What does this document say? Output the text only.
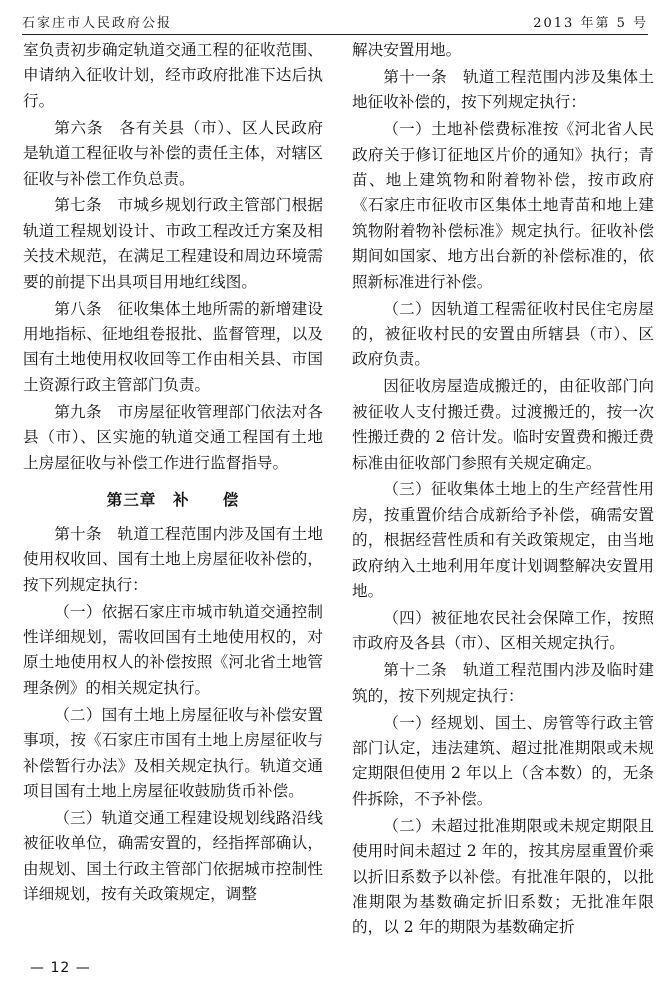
石家庄市人民政府公报	2013 年第 5 号

室负责初步确定轨道交通工程的征收范围、申请纳入征收计划，经市政府批准下达后执行。

第六条　各有关县（市）、区人民政府是轨道工程征收与补偿的责任主体，对辖区征收与补偿工作负总责。

第七条　市城乡规划行政主管部门根据轨道工程规划设计、市政工程改迁方案及相关技术规范，在满足工程建设和周边环境需要的前提下出具项目用地红线图。

第八条　征收集体土地所需的新增建设用地指标、征地组卷报批、监督管理，以及国有土地使用权收回等工作由相关县、市国土资源行政主管部门负责。

第九条　市房屋征收管理部门依法对各县（市）、区实施的轨道交通工程国有土地上房屋征收与补偿工作进行监督指导。

第三章　补　　偿

第十条　轨道工程范围内涉及国有土地使用权收回、国有土地上房屋征收补偿的，按下列规定执行：

（一）依据石家庄市城市轨道交通控制性详细规划，需收回国有土地使用权的，对原土地使用权人的补偿按照《河北省土地管理条例》的相关规定执行。

（二）国有土地上房屋征收与补偿安置事项，按《石家庄市国有土地上房屋征收与补偿暂行办法》及相关规定执行。轨道交通项目国有土地上房屋征收鼓励货币补偿。

（三）轨道交通工程建设规划线路沿线被征收单位，确需安置的，经指挥部确认，由规划、国土行政主管部门依据城市控制性详细规划，按有关政策规定，调整

解决安置用地。

第十一条　轨道工程范围内涉及集体土地征收补偿的，按下列规定执行：

（一）土地补偿费标准按《河北省人民政府关于修订征地区片价的通知》执行；青苗、地上建筑物和附着物补偿，按市政府《石家庄市征收市区集体土地青苗和地上建筑物附着物补偿标准》规定执行。征收补偿期间如国家、地方出台新的补偿标准的，依照新标准进行补偿。

（二）因轨道工程需征收村民住宅房屋的，被征收村民的安置由所辖县（市）、区政府负责。

因征收房屋造成搬迁的，由征收部门向被征收人支付搬迁费。过渡搬迁的，按一次性搬迁费的 2 倍计发。临时安置费和搬迁费标准由征收部门参照有关规定确定。

（三）征收集体土地上的生产经营性用房，按重置价结合成新给予补偿，确需安置的，根据经营性质和有关政策规定，由当地政府纳入土地利用年度计划调整解决安置用地。

（四）被征地农民社会保障工作，按照市政府及各县（市）、区相关规定执行。

第十二条　轨道工程范围内涉及临时建筑的，按下列规定执行：

（一）经规划、国土、房管等行政主管部门认定，违法建筑、超过批准期限或未规定期限但使用 2 年以上（含本数）的，无条件拆除，不予补偿。

（二）未超过批准期限或未规定期限且使用时间未超过 2 年的，按其房屋重置价乘以折旧系数予以补偿。有批准年限的，以批准期限为基数确定折旧系数；无批准年限的，以 2 年的期限为基数确定折

— 12 —
